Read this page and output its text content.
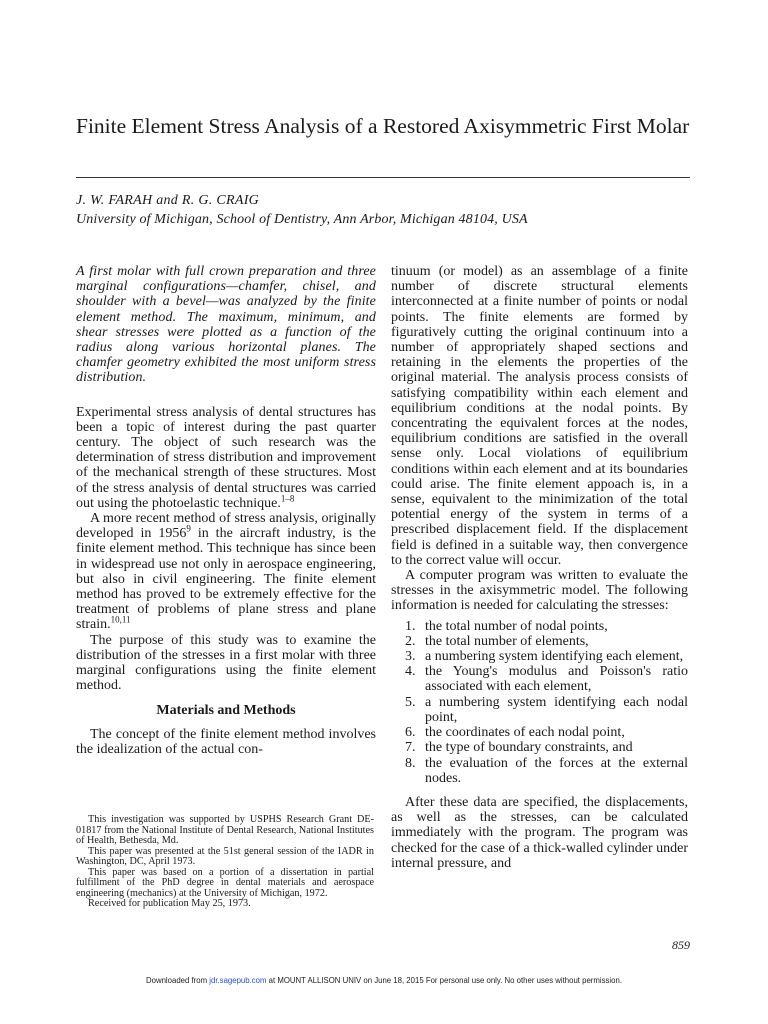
Finite Element Stress Analysis of a Restored Axisymmetric First Molar
J. W. FARAH and R. G. CRAIG
University of Michigan, School of Dentistry, Ann Arbor, Michigan 48104, USA

A first molar with full crown preparation and three marginal configurations—chamfer, chisel, and shoulder with a bevel—was analyzed by the finite element method. The maximum, minimum, and shear stresses were plotted as a function of the radius along various horizontal planes. The chamfer geometry exhibited the most uniform stress distribution.

Experimental stress analysis of dental structures has been a topic of interest during the past quarter century. The object of such research was the determination of stress distribution and improvement of the mechanical strength of these structures. Most of the stress analysis of dental structures was carried out using the photoelastic technique.$^{1-8}$

A more recent method of stress analysis, originally developed in 1956$^9$ in the aircraft industry, is the finite element method. This technique has since been in widespread use not only in aerospace engineering, but also in civil engineering. The finite element method has proved to be extremely effective for the treatment of problems of plane stress and plane strain.$^{10,11}$

The purpose of this study was to examine the distribution of the stresses in a first molar with three marginal configurations using the finite element method.

Materials and Methods

The concept of the finite element method involves the idealization of the actual con-

This investigation was supported by USPHS Research Grant DE-01817 from the National Institute of Dental Research, National Institutes of Health, Bethesda, Md.

This paper was presented at the 51st general session of the IADR in Washington, DC, April 1973.

This paper was based on a portion of a dissertation in partial fulfillment of the PhD degree in dental materials and aerospace engineering (mechanics) at the University of Michigan, 1972.

Received for publication May 25, 1973.

tinuum (or model) as an assemblage of a finite number of discrete structural elements interconnected at a finite number of points or nodal points. The finite elements are formed by figuratively cutting the original continuum into a number of appropriately shaped sections and retaining in the elements the properties of the original material. The analysis process consists of satisfying compatibility within each element and equilibrium conditions at the nodal points. By concentrating the equivalent forces at the nodes, equilibrium conditions are satisfied in the overall sense only. Local violations of equilibrium conditions within each element and at its boundaries could arise. The finite element appoach is, in a sense, equivalent to the minimization of the total potential energy of the system in terms of a prescribed displacement field. If the displacement field is defined in a suitable way, then convergence to the correct value will occur.

A computer program was written to evaluate the stresses in the axisymmetric model. The following information is needed for calculating the stresses:

1. the total number of nodal points,
2. the total number of elements,
3. a numbering system identifying each element,
4. the Young's modulus and Poisson's ratio associated with each element,
5. a numbering system identifying each nodal point,
6. the coordinates of each nodal point,
7. the type of boundary constraints, and
8. the evaluation of the forces at the external nodes.

After these data are specified, the displacements, as well as the stresses, can be calculated immediately with the program. The program was checked for the case of a thick-walled cylinder under internal pressure, and

859
Downloaded from jdr.sagepub.com at MOUNT ALLISON UNIV on June 18, 2015 For personal use only. No other uses without permission.
